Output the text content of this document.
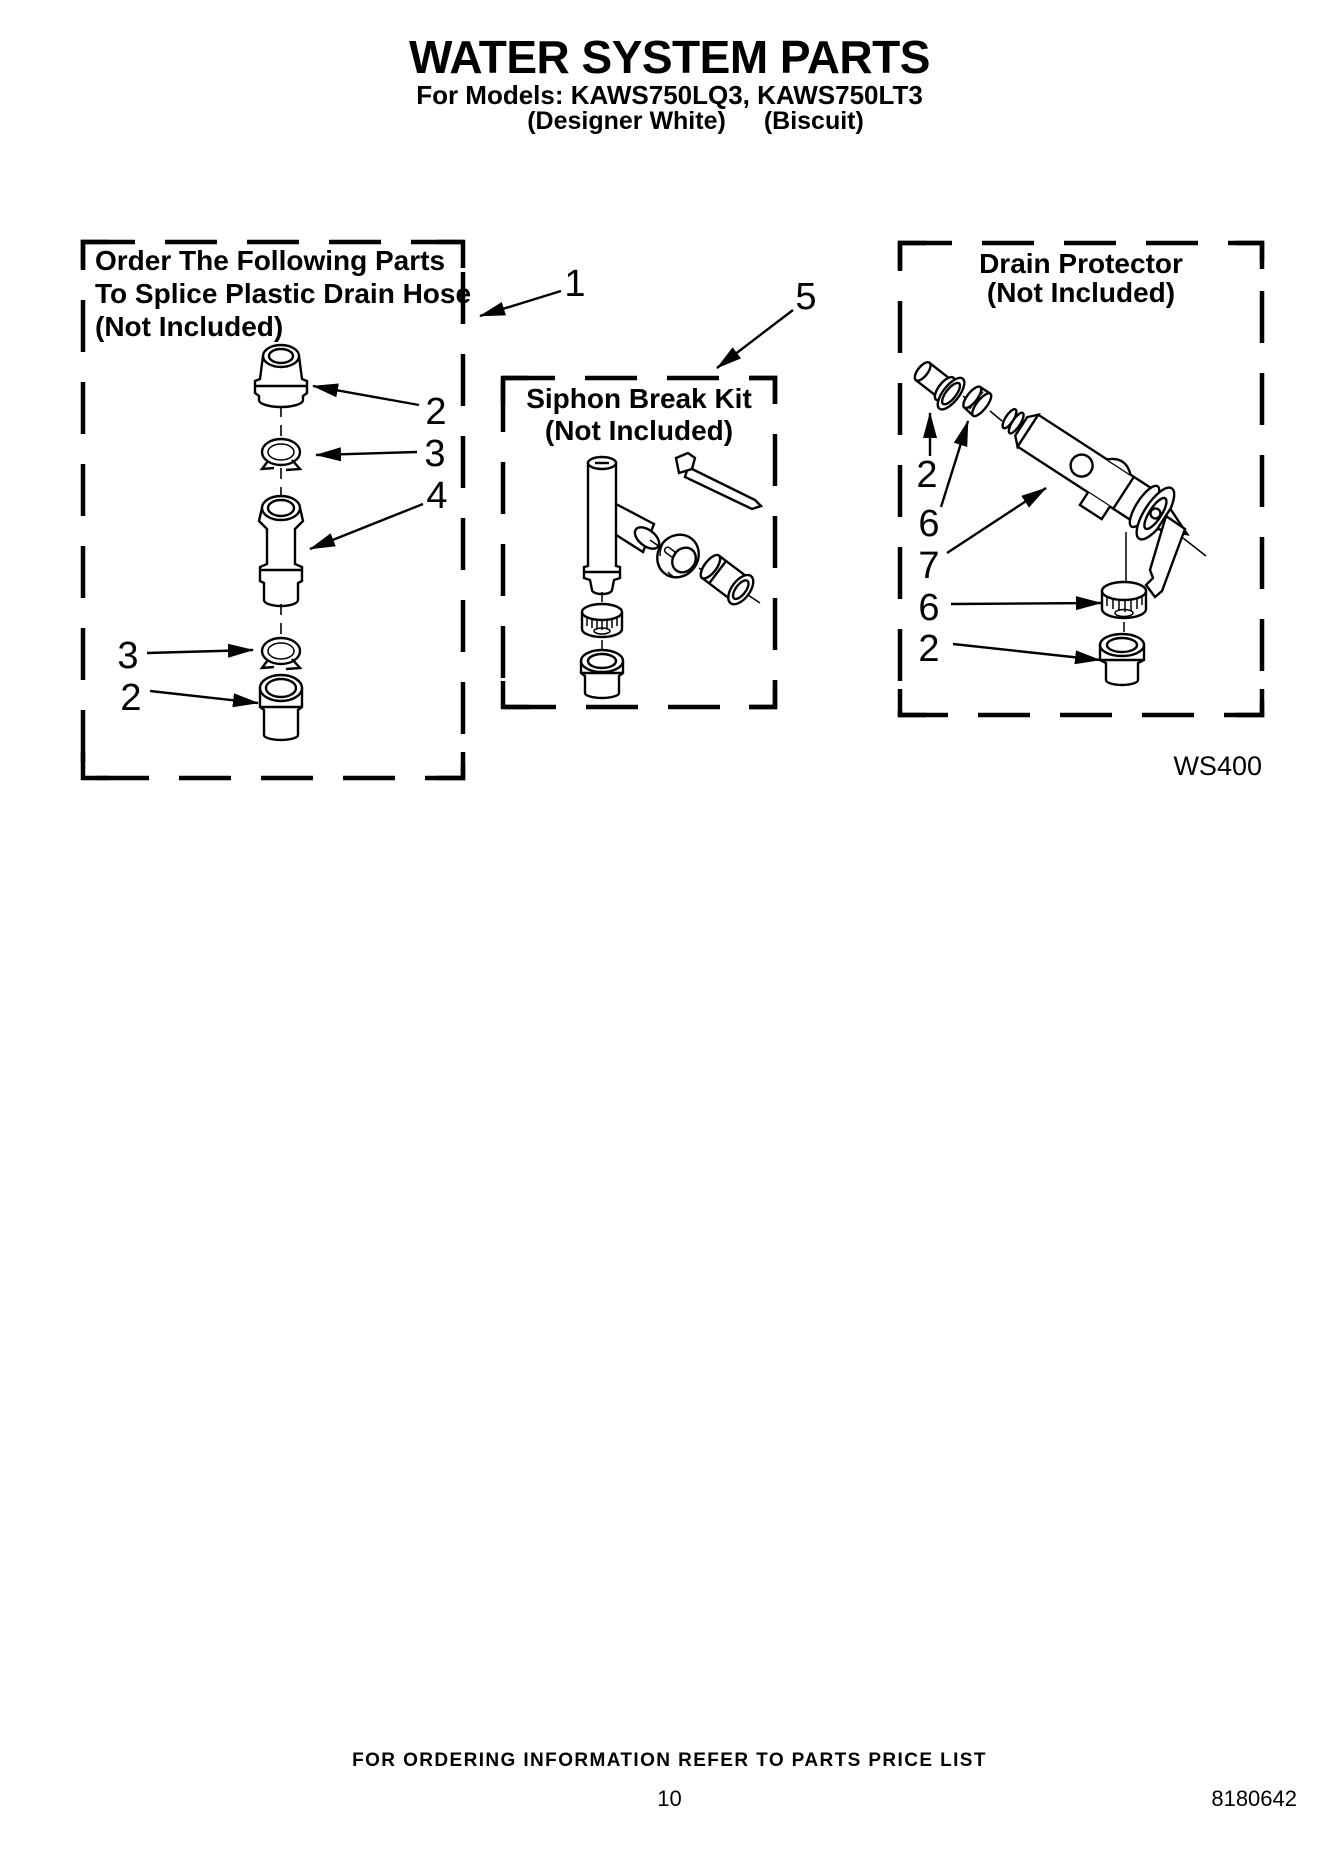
WATER SYSTEM PARTS
For Models: KAWS750LQ3, KAWS750LT3
(Designer White) (Biscuit)
Order The Following Parts
To Splice Plastic Drain Hose
(Not Included)
Siphon Break Kit
(Not Included)
Drain Protector
(Not Included)
1	5
2
3
4
3
2
2
6
7
6
2
WS400
FOR ORDERING INFORMATION REFER TO PARTS PRICE LIST
10	8180642
